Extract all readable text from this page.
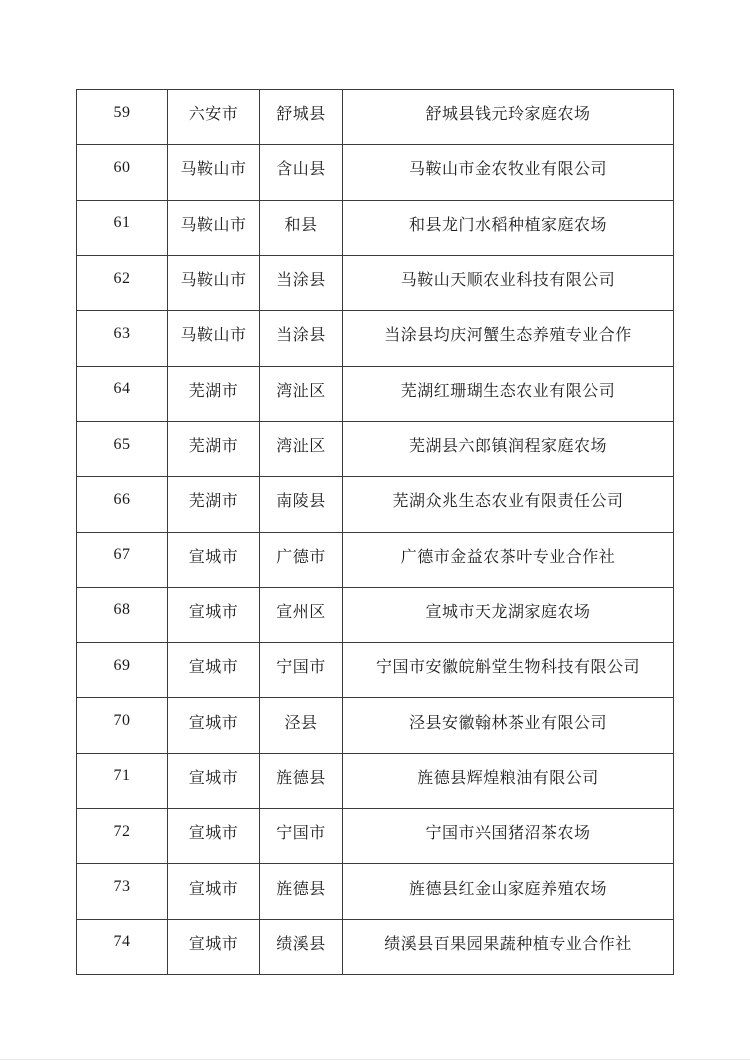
59	六安市	舒城县	舒城县钱元玲家庭农场
60	马鞍山市	含山县	马鞍山市金农牧业有限公司
61	马鞍山市	和县	和县龙门水稻种植家庭农场
62	马鞍山市	当涂县	马鞍山天顺农业科技有限公司
63	马鞍山市	当涂县	当涂县均庆河蟹生态养殖专业合作
64	芜湖市	湾沚区	芜湖红珊瑚生态农业有限公司
65	芜湖市	湾沚区	芜湖县六郎镇润程家庭农场
66	芜湖市	南陵县	芜湖众兆生态农业有限责任公司
67	宣城市	广德市	广德市金益农茶叶专业合作社
68	宣城市	宣州区	宣城市天龙湖家庭农场
69	宣城市	宁国市	宁国市安徽皖斛堂生物科技有限公司
70	宣城市	泾县	泾县安徽翰林茶业有限公司
71	宣城市	旌德县	旌德县辉煌粮油有限公司
72	宣城市	宁国市	宁国市兴国猪沼茶农场
73	宣城市	旌德县	旌德县红金山家庭养殖农场
74	宣城市	绩溪县	绩溪县百果园果蔬种植专业合作社
